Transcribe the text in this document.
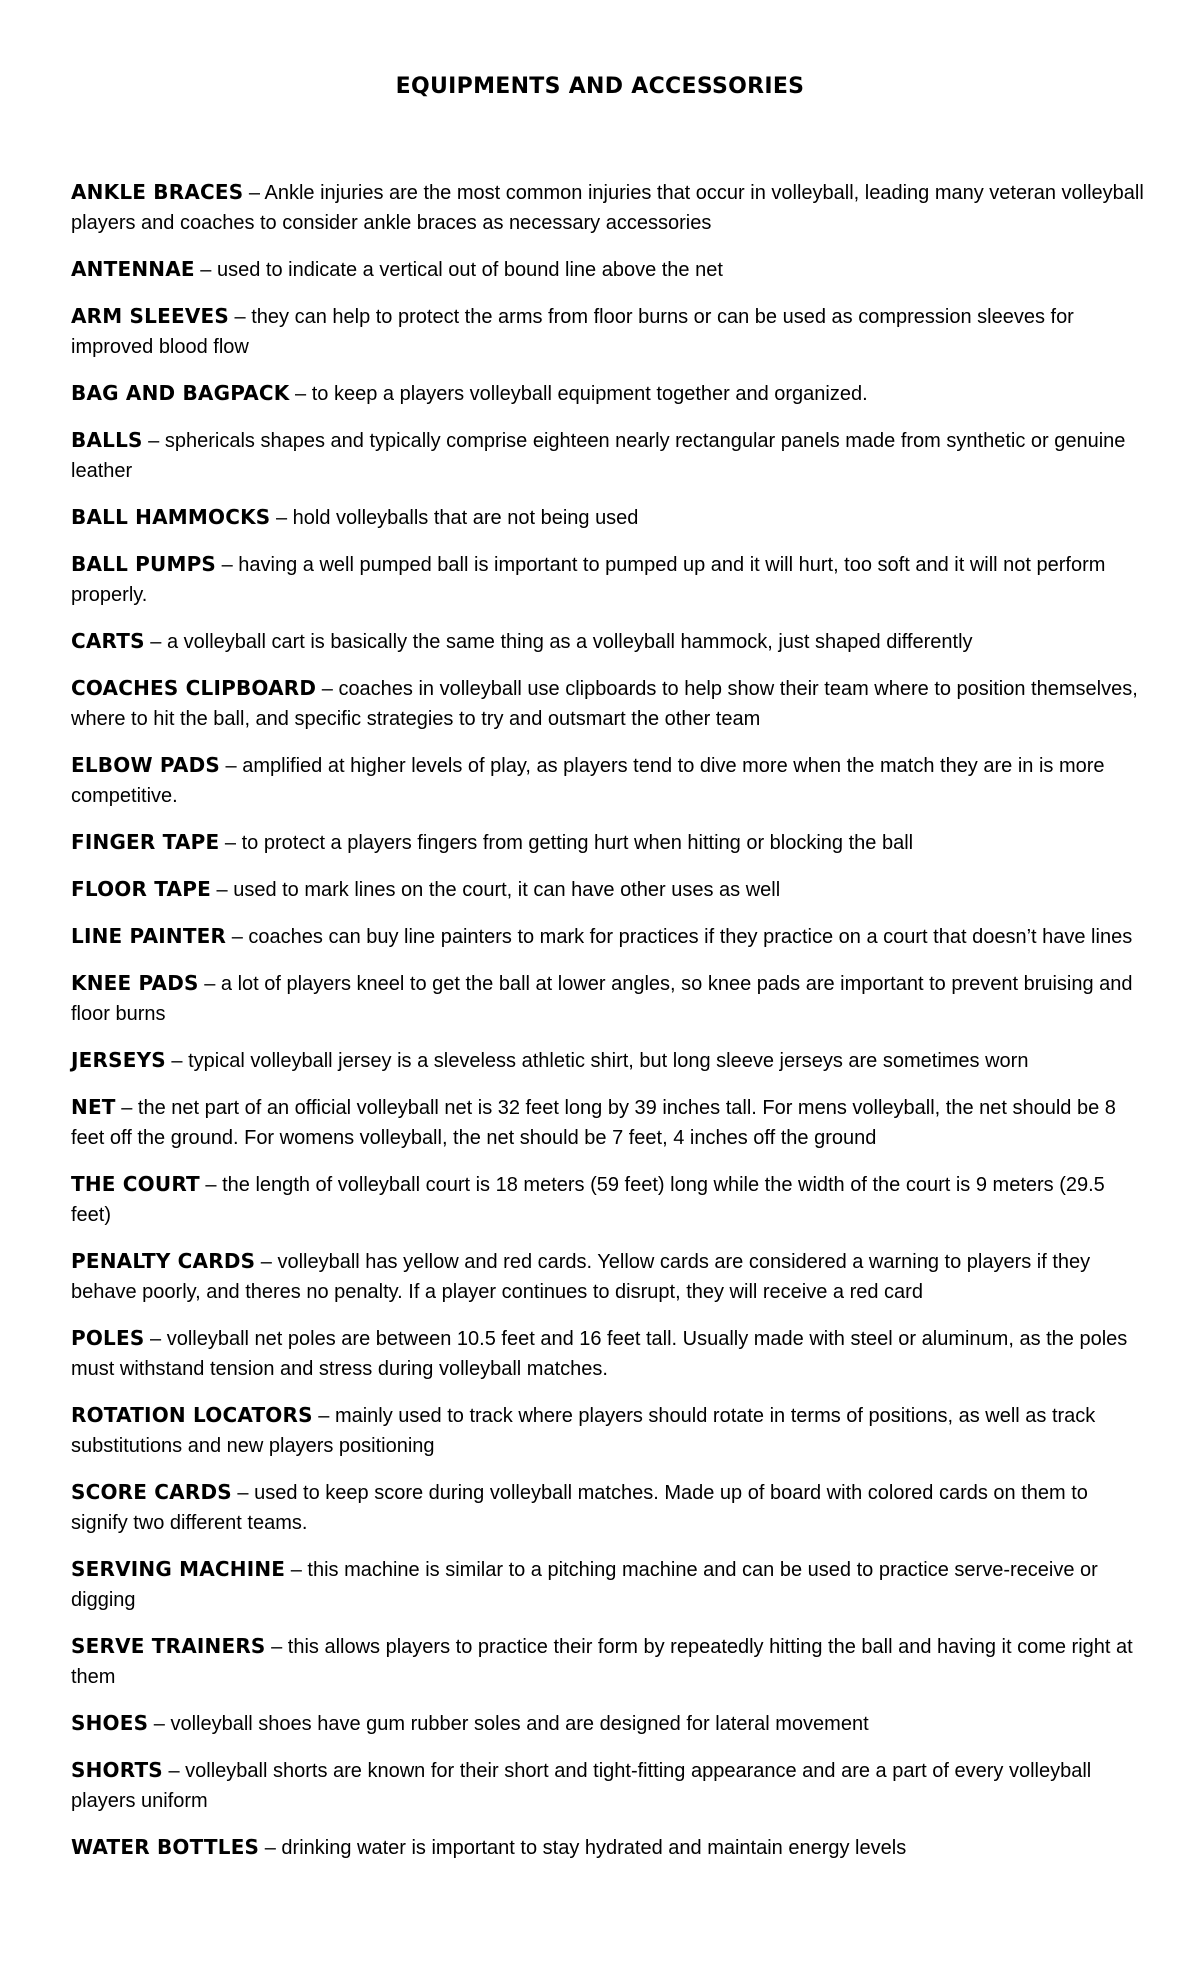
EQUIPMENTS AND ACCESSORIES

ANKLE BRACES – Ankle injuries are the most common injuries that occur in volleyball, leading many veteran volleyball players and coaches to consider ankle braces as necessary accessories

ANTENNAE – used to indicate a vertical out of bound line above the net

ARM SLEEVES – they can help to protect the arms from floor burns or can be used as compression sleeves for improved blood flow

BAG AND BAGPACK – to keep a players volleyball equipment together and organized.

BALLS – sphericals shapes and typically comprise eighteen nearly rectangular panels made from synthetic or genuine leather

BALL HAMMOCKS – hold volleyballs that are not being used

BALL PUMPS – having a well pumped ball is important to pumped up and it will hurt, too soft and it will not perform properly.

CARTS – a volleyball cart is basically the same thing as a volleyball hammock, just shaped differently

COACHES CLIPBOARD – coaches in volleyball use clipboards to help show their team where to position themselves, where to hit the ball, and specific strategies to try and outsmart the other team

ELBOW PADS – amplified at higher levels of play, as players tend to dive more when the match they are in is more competitive.

FINGER TAPE – to protect a players fingers from getting hurt when hitting or blocking the ball

FLOOR TAPE – used to mark lines on the court, it can have other uses as well

LINE PAINTER – coaches can buy line painters to mark for practices if they practice on a court that doesn’t have lines

KNEE PADS – a lot of players kneel to get the ball at lower angles, so knee pads are important to prevent bruising and floor burns

JERSEYS – typical volleyball jersey is a sleveless athletic shirt, but long sleeve jerseys are sometimes worn

NET – the net part of an official volleyball net is 32 feet long by 39 inches tall. For mens volleyball, the net should be 8 feet off the ground. For womens volleyball, the net should be 7 feet, 4 inches off the ground

THE COURT – the length of volleyball court is 18 meters (59 feet) long while the width of the court is 9 meters (29.5 feet)

PENALTY CARDS – volleyball has yellow and red cards. Yellow cards are considered a warning to players if they behave poorly, and theres no penalty. If a player continues to disrupt, they will receive a red card

POLES – volleyball net poles are between 10.5 feet and 16 feet tall. Usually made with steel or aluminum, as the poles must withstand tension and stress during volleyball matches.

ROTATION LOCATORS – mainly used to track where players should rotate in terms of positions, as well as track substitutions and new players positioning

SCORE CARDS – used to keep score during volleyball matches. Made up of board with colored cards on them to signify two different teams.

SERVING MACHINE – this machine is similar to a pitching machine and can be used to practice serve-receive or digging

SERVE TRAINERS – this allows players to practice their form by repeatedly hitting the ball and having it come right at them

SHOES – volleyball shoes have gum rubber soles and are designed for lateral movement

SHORTS – volleyball shorts are known for their short and tight-fitting appearance and are a part of every volleyball players uniform

WATER BOTTLES – drinking water is important to stay hydrated and maintain energy levels
